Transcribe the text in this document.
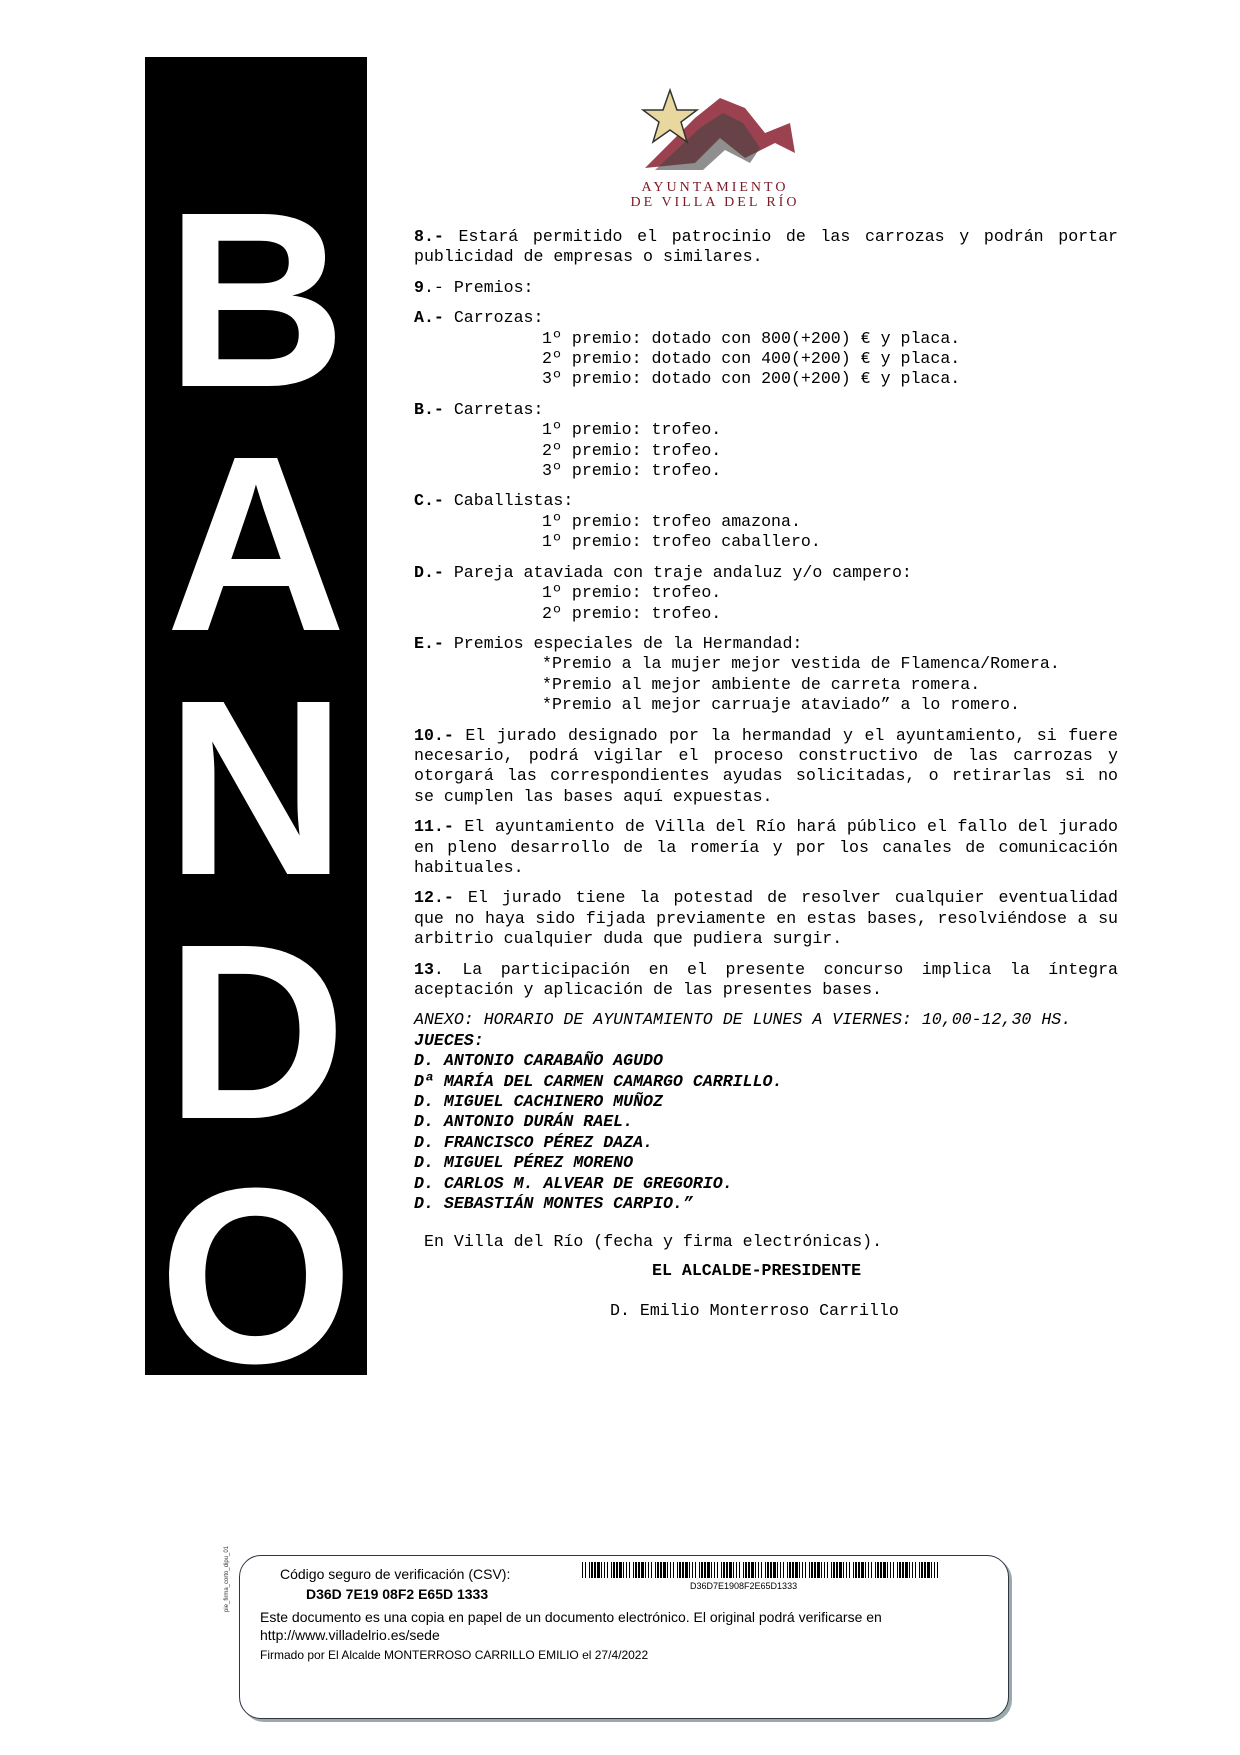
B
A
N
D
O
AYUNTAMIENTO
DE VILLA DEL RÍO
8.- Estará permitido el patrocinio de las carrozas y podrán portar publicidad de empresas o similares.
9.- Premios:
A.- Carrozas:
1º premio: dotado con 800(+200) € y placa.
2º premio: dotado con 400(+200) € y placa.
3º premio: dotado con 200(+200) € y placa.
B.- Carretas:
1º premio: trofeo.
2º premio: trofeo.
3º premio: trofeo.
C.- Caballistas:
1º premio: trofeo amazona.
1º premio: trofeo caballero.
D.- Pareja ataviada con traje andaluz y/o campero:
1º premio: trofeo.
2º premio: trofeo.
E.- Premios especiales de la Hermandad:
*Premio a la mujer mejor vestida de Flamenca/Romera.
*Premio al mejor ambiente de carreta romera.
*Premio al mejor carruaje ataviado” a lo romero.
10.- El jurado designado por la hermandad y el ayuntamiento, si fuere necesario, podrá vigilar el proceso constructivo de las carrozas y otorgará las correspondientes ayudas solicitadas, o retirarlas si no se cumplen las bases aquí expuestas.
11.- El ayuntamiento de Villa del Río hará público el fallo del jurado en pleno desarrollo de la romería y por los canales de comunicación habituales.
12.- El jurado tiene la potestad de resolver cualquier eventualidad que no haya sido fijada previamente en estas bases, resolviéndose a su arbitrio cualquier duda que pudiera surgir.
13. La participación en el presente concurso implica la íntegra aceptación y aplicación de las presentes bases.
ANEXO: HORARIO DE AYUNTAMIENTO DE LUNES A VIERNES: 10,00-12,30 HS.
JUECES:
D. ANTONIO CARABAÑO AGUDO
Dª MARÍA DEL CARMEN CAMARGO CARRILLO.
D. MIGUEL CACHINERO MUÑOZ
D. ANTONIO DURÁN RAEL.
D. FRANCISCO PÉREZ DAZA.
D. MIGUEL PÉREZ MORENO
D. CARLOS M. ALVEAR DE GREGORIO.
D. SEBASTIÁN MONTES CARPIO.”
En Villa del Río (fecha y firma electrónicas).
EL ALCALDE-PRESIDENTE
D. Emilio Monterroso Carrillo
pie_firma_corto_dipu_01	Código seguro de verificación (CSV):
D36D 7E19 08F2 E65D 1333	D36D7E1908F2E65D1333
Este documento es una copia en papel de un documento electrónico. El original podrá verificarse en http://www.villadelrio.es/sede
Firmado por El Alcalde MONTERROSO CARRILLO EMILIO el 27/4/2022
